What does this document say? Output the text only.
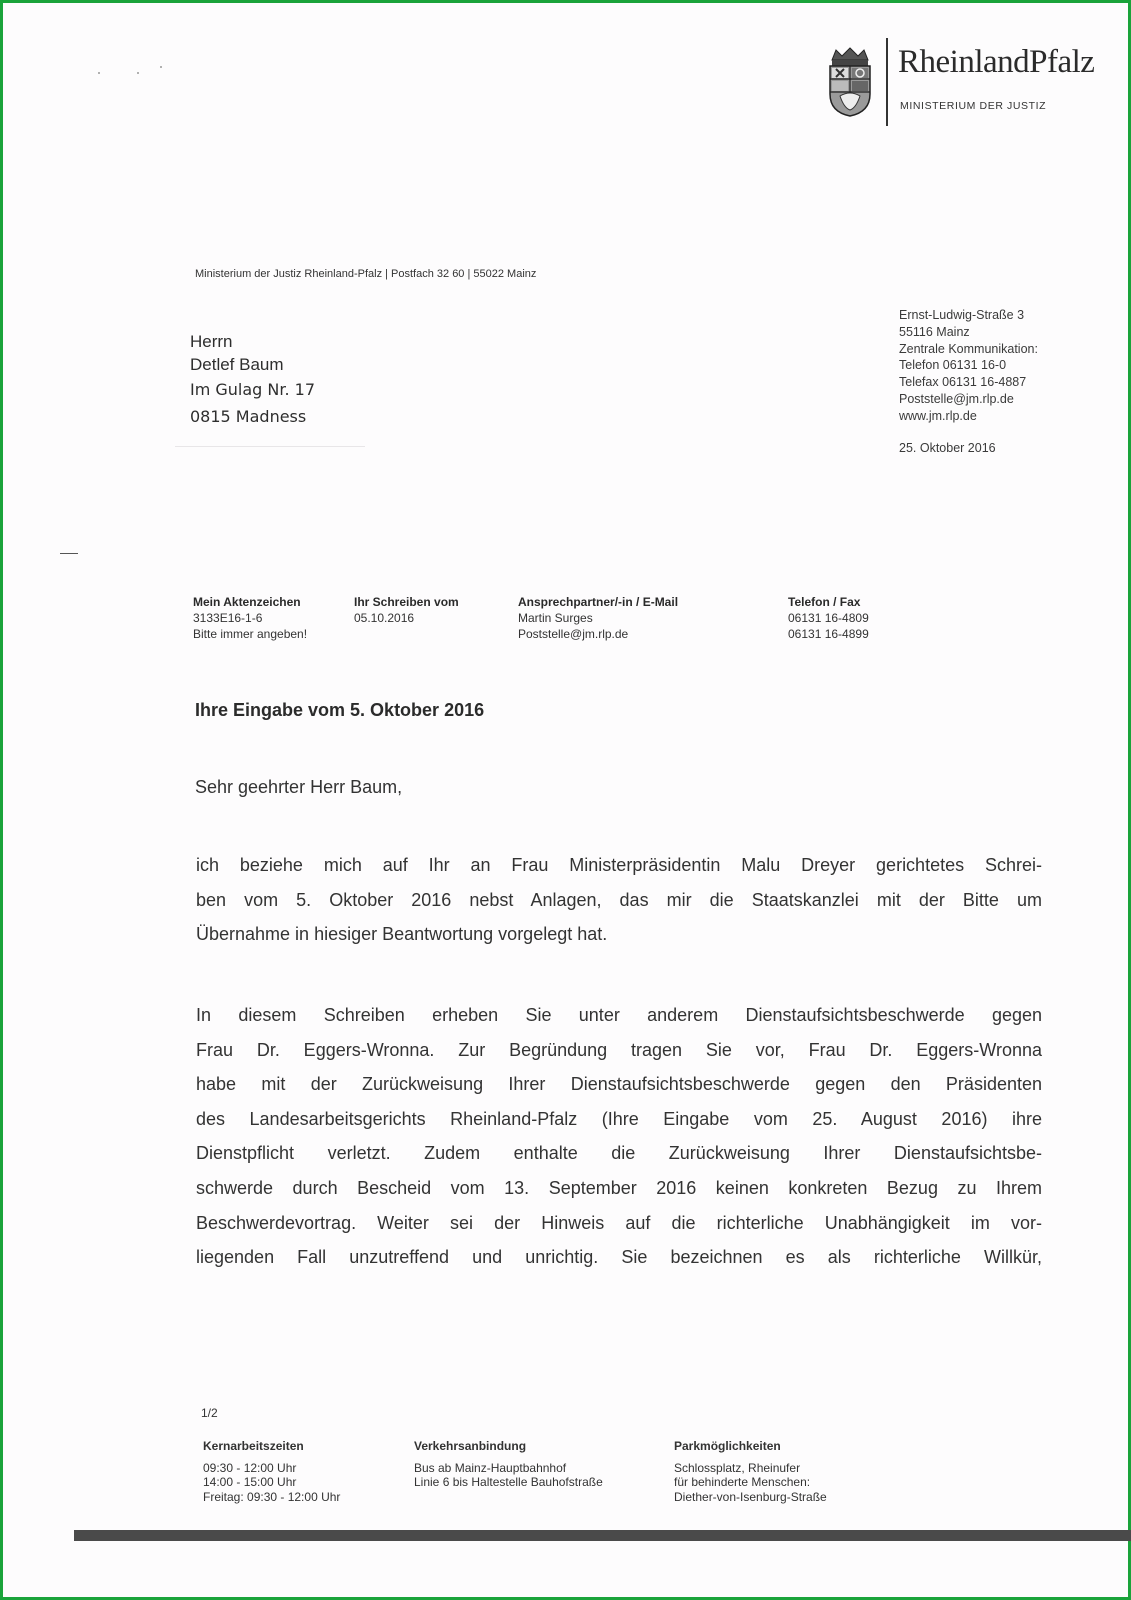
RheinlandPfalz
MINISTERIUM DER JUSTIZ
Ministerium der Justiz Rheinland-Pfalz | Postfach 32 60 | 55022 Mainz
Herrn
Detlef Baum
Im Gulag Nr. 17
0815 Madness
Ernst-Ludwig-Straße 3
55116 Mainz
Zentrale Kommunikation:
Telefon 06131 16-0
Telefax 06131 16-4887
Poststelle@jm.rlp.de
www.jm.rlp.de
25. Oktober 2016
Mein Aktenzeichen
3133E16-1-6
Bitte immer angeben!
Ihr Schreiben vom
05.10.2016
Ansprechpartner/-in / E-Mail
Martin Surges
Poststelle@jm.rlp.de
Telefon / Fax
06131 16-4809
06131 16-4899
Ihre Eingabe vom 5. Oktober 2016
Sehr geehrter Herr Baum,
ich beziehe mich auf Ihr an Frau Ministerpräsidentin Malu Dreyer gerichtetes Schrei-
ben vom 5. Oktober 2016 nebst Anlagen, das mir die Staatskanzlei mit der Bitte um
Übernahme in hiesiger Beantwortung vorgelegt hat.
In diesem Schreiben erheben Sie unter anderem Dienstaufsichtsbeschwerde gegen
Frau Dr. Eggers-Wronna. Zur Begründung tragen Sie vor, Frau Dr. Eggers-Wronna
habe mit der Zurückweisung Ihrer Dienstaufsichtsbeschwerde gegen den Präsidenten
des Landesarbeitsgerichts Rheinland-Pfalz (Ihre Eingabe vom 25. August 2016) ihre
Dienstpflicht verletzt. Zudem enthalte die Zurückweisung Ihrer Dienstaufsichtsbe-
schwerde durch Bescheid vom 13. September 2016 keinen konkreten Bezug zu Ihrem
Beschwerdevortrag. Weiter sei der Hinweis auf die richterliche Unabhängigkeit im vor-
liegenden Fall unzutreffend und unrichtig. Sie bezeichnen es als richterliche Willkür,
1/2
Kernarbeitszeiten
09:30 - 12:00 Uhr
14:00 - 15:00 Uhr
Freitag: 09:30 - 12:00 Uhr
Verkehrsanbindung
Bus ab Mainz-Hauptbahnhof
Linie 6 bis Haltestelle Bauhofstraße
Parkmöglichkeiten
Schlossplatz, Rheinufer
für behinderte Menschen:
Diether-von-Isenburg-Straße
